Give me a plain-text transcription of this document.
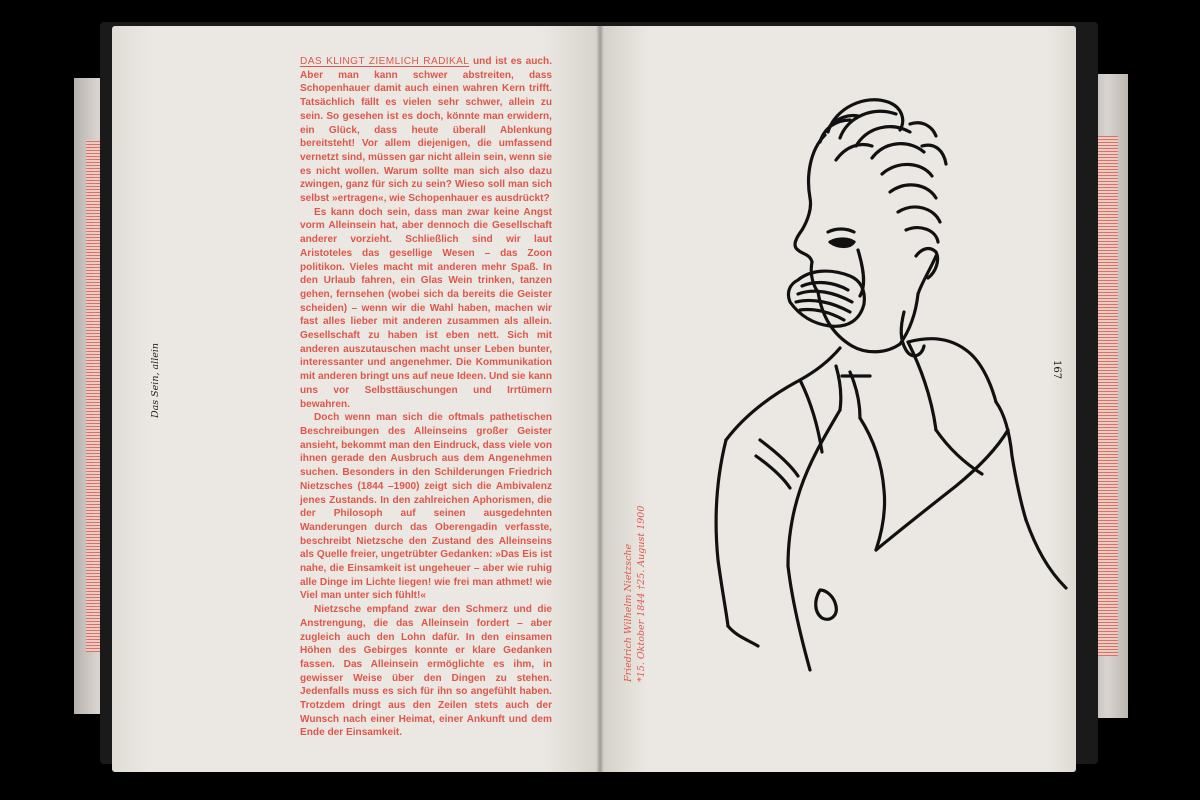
Das Sein, allein

DAS KLINGT ZIEMLICH RADIKAL und ist es auch. Aber man kann schwer abstreiten, dass Schopenhauer damit auch einen wahren Kern trifft. Tatsächlich fällt es vielen sehr schwer, allein zu sein. So gesehen ist es doch, könnte man erwidern, ein Glück, dass heute überall Ablenkung bereitsteht! Vor allem diejenigen, die umfassend vernetzt sind, müssen gar nicht allein sein, wenn sie es nicht wollen. Warum sollte man sich also dazu zwingen, ganz für sich zu sein? Wieso soll man sich selbst »ertragen«, wie Schopenhauer es ausdrückt?

Es kann doch sein, dass man zwar keine Angst vorm Alleinsein hat, aber dennoch die Gesellschaft anderer vorzieht. Schließlich sind wir laut Aristoteles das gesellige Wesen – das Zoon politikon. Vieles macht mit anderen mehr Spaß. In den Urlaub fahren, ein Glas Wein trinken, tanzen gehen, fernsehen (wobei sich da bereits die Geister scheiden) – wenn wir die Wahl haben, machen wir fast alles lieber mit anderen zusammen als allein. Gesellschaft zu haben ist eben nett. Sich mit anderen auszutauschen macht unser Leben bunter, interessanter und angenehmer. Die Kommunikation mit anderen bringt uns auf neue Ideen. Und sie kann uns vor Selbsttäuschungen und Irrtümern bewahren.

Doch wenn man sich die oftmals pathetischen Beschreibungen des Alleinseins großer Geister ansieht, bekommt man den Eindruck, dass viele von ihnen gerade den Ausbruch aus dem Angenehmen suchen. Besonders in den Schilderungen Friedrich Nietzsches (1844 –1900) zeigt sich die Ambivalenz jenes Zustands. In den zahlreichen Aphorismen, die der Philosoph auf seinen ausgedehnten Wanderungen durch das Oberengadin verfasste, beschreibt Nietzsche den Zustand des Alleinseins als Quelle freier, ungetrübter Gedanken: »Das Eis ist nahe, die Einsamkeit ist ungeheuer – aber wie ruhig alle Dinge im Lichte liegen! wie frei man athmet! wie Viel man unter sich fühlt!«

Nietzsche empfand zwar den Schmerz und die Anstrengung, die das Alleinsein fordert – aber zugleich auch den Lohn dafür. In den einsamen Höhen des Gebirges konnte er klare Gedanken fassen. Das Alleinsein ermöglichte es ihm, in gewisser Weise über den Dingen zu stehen. Jedenfalls muss es sich für ihn so angefühlt haben. Trotzdem dringt aus den Zeilen stets auch der Wunsch nach einer Heimat, einer Ankunft und dem Ende der Einsamkeit.

167
Friedrich Wilhelm Nietzsche *15. Oktober 1844 †25. August 1900
